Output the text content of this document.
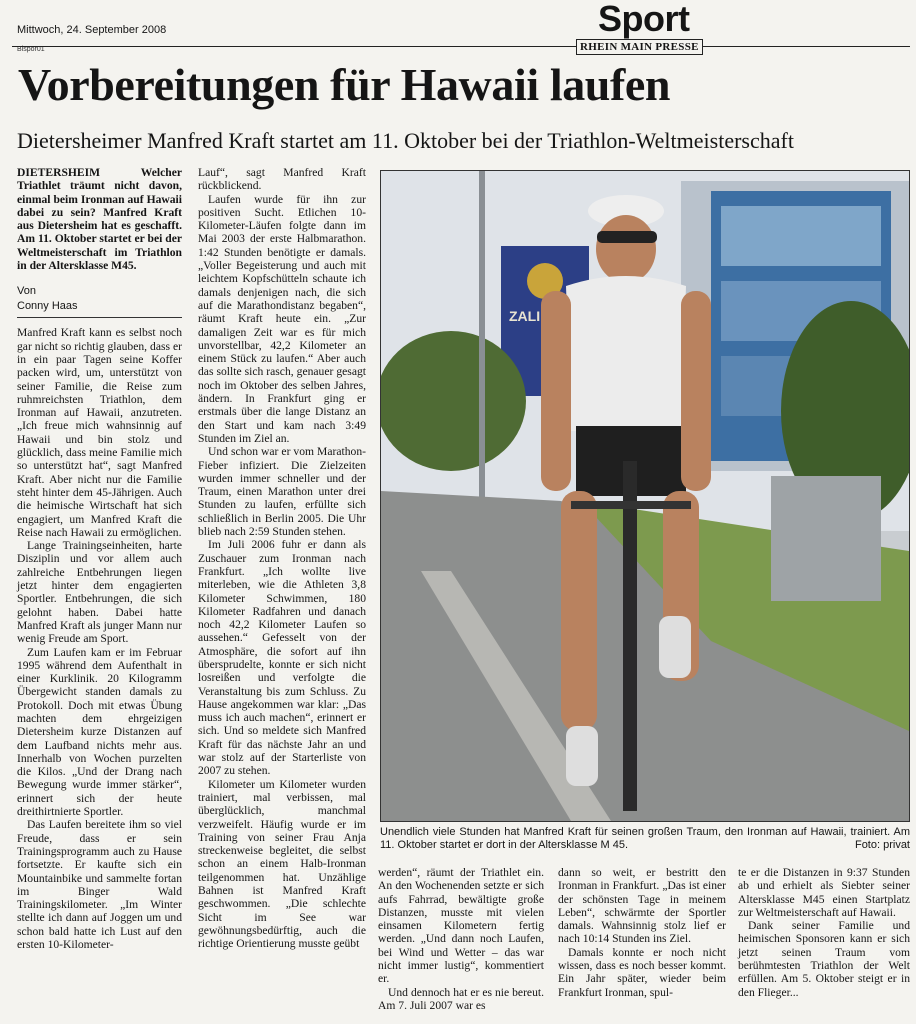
Mittwoch, 24. September 2008
Bispor01
Sport
RHEIN MAIN PRESSE
Vorbereitungen für Hawaii laufen
Dietersheimer Manfred Kraft startet am 11. Oktober bei der Triathlon-Weltmeisterschaft

DIETERSHEIM Welcher Triathlet träumt nicht davon, einmal beim Ironman auf Hawaii dabei zu sein? Manfred Kraft aus Dietersheim hat es geschafft. Am 11. Oktober startet er bei der Weltmeisterschaft im Triathlon in der Altersklasse M45.

Von
Conny Haas

Manfred Kraft kann es selbst noch gar nicht so richtig glauben, dass er in ein paar Tagen seine Koffer packen wird, um, unterstützt von seiner Familie, die Reise zum ruhmreichsten Triathlon, dem Ironman auf Hawaii, anzutreten. „Ich freue mich wahnsinnig auf Hawaii und bin stolz und glücklich, dass meine Familie mich so unterstützt hat“, sagt Manfred Kraft. Aber nicht nur die Familie steht hinter dem 45-Jährigen. Auch die heimische Wirtschaft hat sich engagiert, um Manfred Kraft die Reise nach Hawaii zu ermöglichen.

Lange Trainingseinheiten, harte Disziplin und vor allem auch zahlreiche Entbehrungen liegen jetzt hinter dem engagierten Sportler. Entbehrungen, die sich gelohnt haben. Dabei hatte Manfred Kraft als junger Mann nur wenig Freude am Sport.

Zum Laufen kam er im Februar 1995 während dem Aufenthalt in einer Kurklinik. 20 Kilogramm Übergewicht standen damals zu Protokoll. Doch mit etwas Übung machten dem ehrgeizigen Dietersheim kurze Distanzen auf dem Laufband nichts mehr aus. Innerhalb von Wochen purzelten die Kilos. „Und der Drang nach Bewegung wurde immer stärker“, erinnert sich der heute dreithirtnierte Sportler.

Das Laufen bereitete ihm so viel Freude, dass er sein Trainingsprogramm auch zu Hause fortsetzte. Er kaufte sich ein Mountainbike und sammelte fortan im Binger Wald Trainingskilometer. „Im Winter stellte ich dann auf Joggen um und schon bald hatte ich Lust auf den ersten 10-Kilometer-

Lauf“, sagt Manfred Kraft rückblickend.

Laufen wurde für ihn zur positiven Sucht. Etlichen 10-Kilometer-Läufen folgte dann im Mai 2003 der erste Halbmarathon. 1:42 Stunden benötigte er damals. „Voller Begeisterung und auch mit leichtem Kopfschütteln schaute ich damals denjenigen nach, die sich auf die Marathondistanz begaben“, räumt Kraft heute ein. „Zur damaligen Zeit war es für mich unvorstellbar, 42,2 Kilometer an einem Stück zu laufen.“ Aber auch das sollte sich rasch, genauer gesagt noch im Oktober des selben Jahres, ändern. In Frankfurt ging er erstmals über die lange Distanz an den Start und kam nach 3:49 Stunden im Ziel an.

Und schon war er vom Marathon-Fieber infiziert. Die Zielzeiten wurden immer schneller und der Traum, einen Marathon unter drei Stunden zu laufen, erfüllte sich schließlich in Berlin 2005. Die Uhr blieb nach 2:59 Stunden stehen.

Im Juli 2006 fuhr er dann als Zuschauer zum Ironman nach Frankfurt. „Ich wollte live miterleben, wie die Athleten 3,8 Kilometer Schwimmen, 180 Kilometer Radfahren und danach noch 42,2 Kilometer Laufen so aussehen.“ Gefesselt von der Atmosphäre, die sofort auf ihn übersprudelte, konnte er sich nicht losreißen und verfolgte die Veranstaltung bis zum Schluss. Zu Hause angekommen war klar: „Das muss ich auch machen“, erinnert er sich. Und so meldete sich Manfred Kraft für das nächste Jahr an und war stolz auf der Starterliste von 2007 zu stehen.

Kilometer um Kilometer wurden trainiert, mal verbissen, mal überglücklich, manchmal verzweifelt. Häufig wurde er im Training von seiner Frau Anja streckenweise begleitet, die selbst schon an einem Halb-Ironman teilgenommen hat. Unzählige Bahnen ist Manfred Kraft geschwommen. „Die schlechte Sicht im See war gewöhnungsbedürftig, auch die richtige Orientierung musste geübt

ZALI
Unendlich viele Stunden hat Manfred Kraft für seinen großen Traum, den Ironman auf Hawaii, trainiert. Am 11. Oktober startet er dort in der Altersklasse M 45.	Foto: privat

werden“, räumt der Triathlet ein. An den Wochenenden setzte er sich aufs Fahrrad, bewältigte große Distanzen, musste mit vielen einsamen Kilometern fertig werden. „Und dann noch Laufen, bei Wind und Wetter – das war nicht immer lustig“, kommentiert er.

Und dennoch hat er es nie bereut. Am 7. Juli 2007 war es

dann so weit, er bestritt den Ironman in Frankfurt. „Das ist einer der schönsten Tage in meinem Leben“, schwärmte der Sportler damals. Wahnsinnig stolz lief er nach 10:14 Stunden ins Ziel.

Damals konnte er noch nicht wissen, dass es noch besser kommt. Ein Jahr später, wieder beim Frankfurt Ironman, spul-

te er die Distanzen in 9:37 Stunden ab und erhielt als Siebter seiner Altersklasse M45 einen Startplatz zur Weltmeisterschaft auf Hawaii.

Dank seiner Familie und heimischen Sponsoren kann er sich jetzt seinen Traum vom berühmtesten Triathlon der Welt erfüllen. Am 5. Oktober steigt er in den Flieger...
